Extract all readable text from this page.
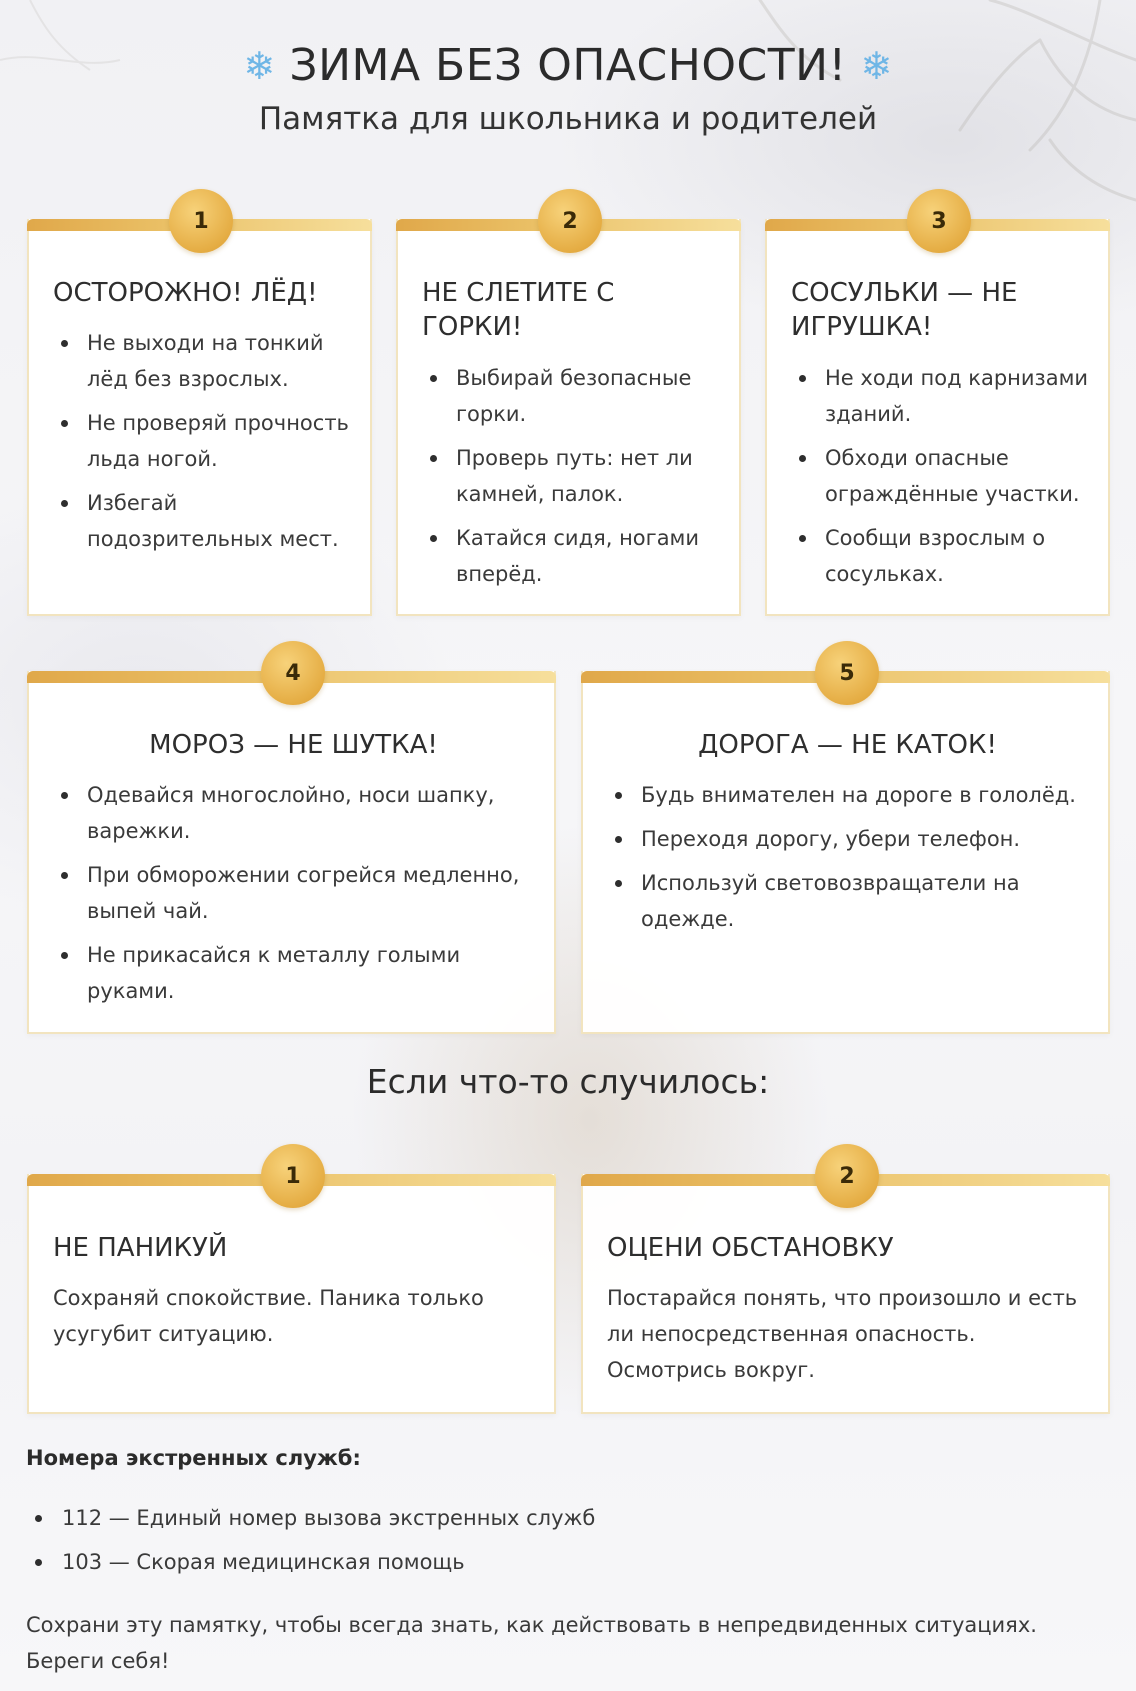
❄ ЗИМА БЕЗ ОПАСНОСТИ! ❄
Памятка для школьника и родителей
1
ОСТОРОЖНО! ЛЁД!
Не выходи на тонкий лёд без взрослых.
Не проверяй прочность льда ногой.
Избегай подозрительных мест.
2
НЕ СЛЕТИТЕ С ГОРКИ!
Выбирай безопасные горки.
Проверь путь: нет ли камней, палок.
Катайся сидя, ногами вперёд.
3
СОСУЛЬКИ — НЕ ИГРУШКА!
Не ходи под карнизами зданий.
Обходи опасные ограждённые участки.
Сообщи взрослым о сосульках.
4
МОРОЗ — НЕ ШУТКА!
Одевайся многослойно, носи шапку, варежки.
При обморожении согрейся медленно, выпей чай.
Не прикасайся к металлу голыми руками.
5
ДОРОГА — НЕ КАТОК!
Будь внимателен на дороге в гололёд.
Переходя дорогу, убери телефон.
Используй световозвращатели на одежде.
Если что-то случилось:
1
НЕ ПАНИКУЙ

Сохраняй спокойствие. Паника только усугубит ситуацию.

2
ОЦЕНИ ОБСТАНОВКУ

Постарайся понять, что произошло и есть ли непосредственная опасность. Осмотрись вокруг.

Номера экстренных служб:
112 — Единый номер вызова экстренных служб
103 — Скорая медицинская помощь
Сохрани эту памятку, чтобы всегда знать, как действовать в непредвиденных ситуациях. Береги себя!
